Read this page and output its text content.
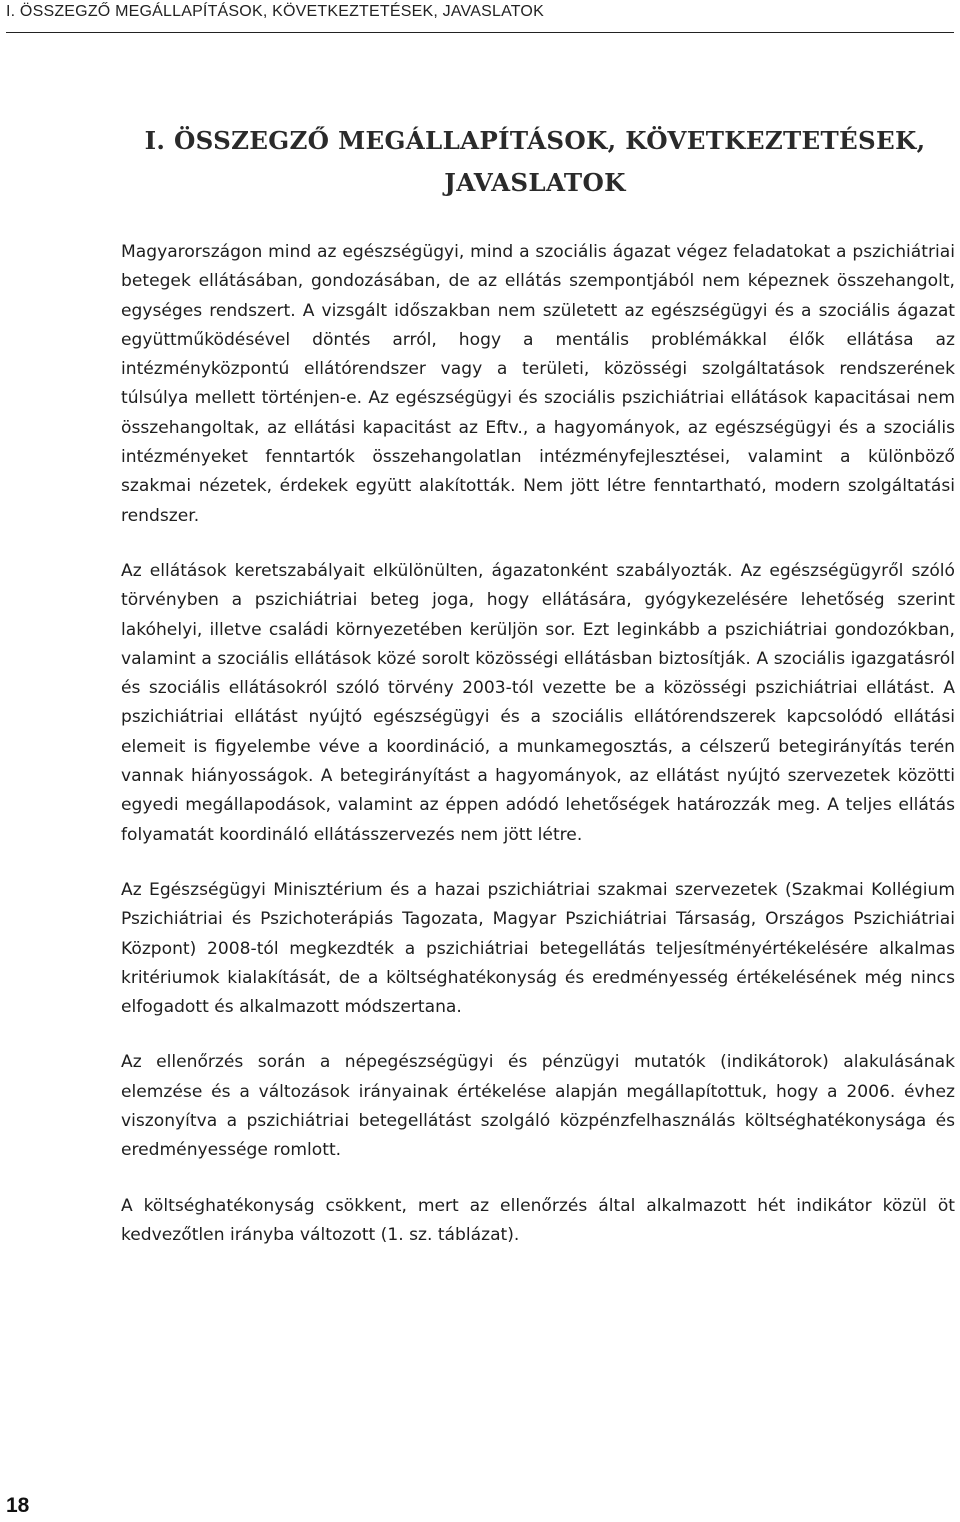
I. ÖSSZEGZŐ MEGÁLLAPÍTÁSOK, KÖVETKEZTETÉSEK, JAVASLATOK
I. ÖSSZEGZŐ MEGÁLLAPÍTÁSOK, KÖVETKEZTETÉSEK,
JAVASLATOK

Magyarországon mind az egészségügyi, mind a szociális ágazat végez feladatokat a pszichiátriai betegek ellátásában, gondozásában, de az ellátás szempontjából nem képeznek összehangolt, egységes rendszert. A vizsgált időszakban nem született az egészségügyi és a szociális ágazat együttműködésével döntés arról, hogy a mentális problémákkal élők ellátása az intézményközpontú ellátórendszer vagy a területi, közösségi szolgáltatások rendszerének túlsúlya mellett történjen-e. Az egészségügyi és szociális pszichiátriai ellátások kapacitásai nem összehangoltak, az ellátási kapacitást az Eftv., a hagyományok, az egészségügyi és a szociális intézményeket fenntartók összehangolatlan intézményfejlesztései, valamint a különböző szakmai nézetek, érdekek együtt alakították. Nem jött létre fenntartható, modern szolgáltatási rendszer.

Az ellátások keretszabályait elkülönülten, ágazatonként szabályozták. Az egészségügyről szóló törvényben a pszichiátriai beteg joga, hogy ellátására, gyógykezelésére lehetőség szerint lakóhelyi, illetve családi környezetében kerüljön sor. Ezt leginkább a pszichiátriai gondozókban, valamint a szociális ellátások közé sorolt közösségi ellátásban biztosítják. A szociális igazgatásról és szociális ellátásokról szóló törvény 2003-tól vezette be a közösségi pszichiátriai ellátást. A pszichiátriai ellátást nyújtó egészségügyi és a szociális ellátórendszerek kapcsolódó ellátási elemeit is figyelembe véve a koordináció, a munkamegosztás, a célszerű betegirányítás terén vannak hiányosságok. A betegirányítást a hagyományok, az ellátást nyújtó szervezetek közötti egyedi megállapodások, valamint az éppen adódó lehetőségek határozzák meg. A teljes ellátás folyamatát koordináló ellátásszervezés nem jött létre.

Az Egészségügyi Minisztérium és a hazai pszichiátriai szakmai szervezetek (Szakmai Kollégium Pszichiátriai és Pszichoterápiás Tagozata, Magyar Pszichiátriai Társaság, Országos Pszichiátriai Központ) 2008-tól megkezdték a pszichiátriai betegellátás teljesítményértékelésére alkalmas kritériumok kialakítását, de a költséghatékonyság és eredményesség értékelésének még nincs elfogadott és alkalmazott módszertana.

Az ellenőrzés során a népegészségügyi és pénzügyi mutatók (indikátorok) alakulásának elemzése és a változások irányainak értékelése alapján megállapítottuk, hogy a 2006. évhez viszonyítva a pszichiátriai betegellátást szolgáló közpénzfelhasználás költséghatékonysága és eredményessége romlott.

A költséghatékonyság csökkent, mert az ellenőrzés által alkalmazott hét indikátor közül öt kedvezőtlen irányba változott (1. sz. táblázat).

18
